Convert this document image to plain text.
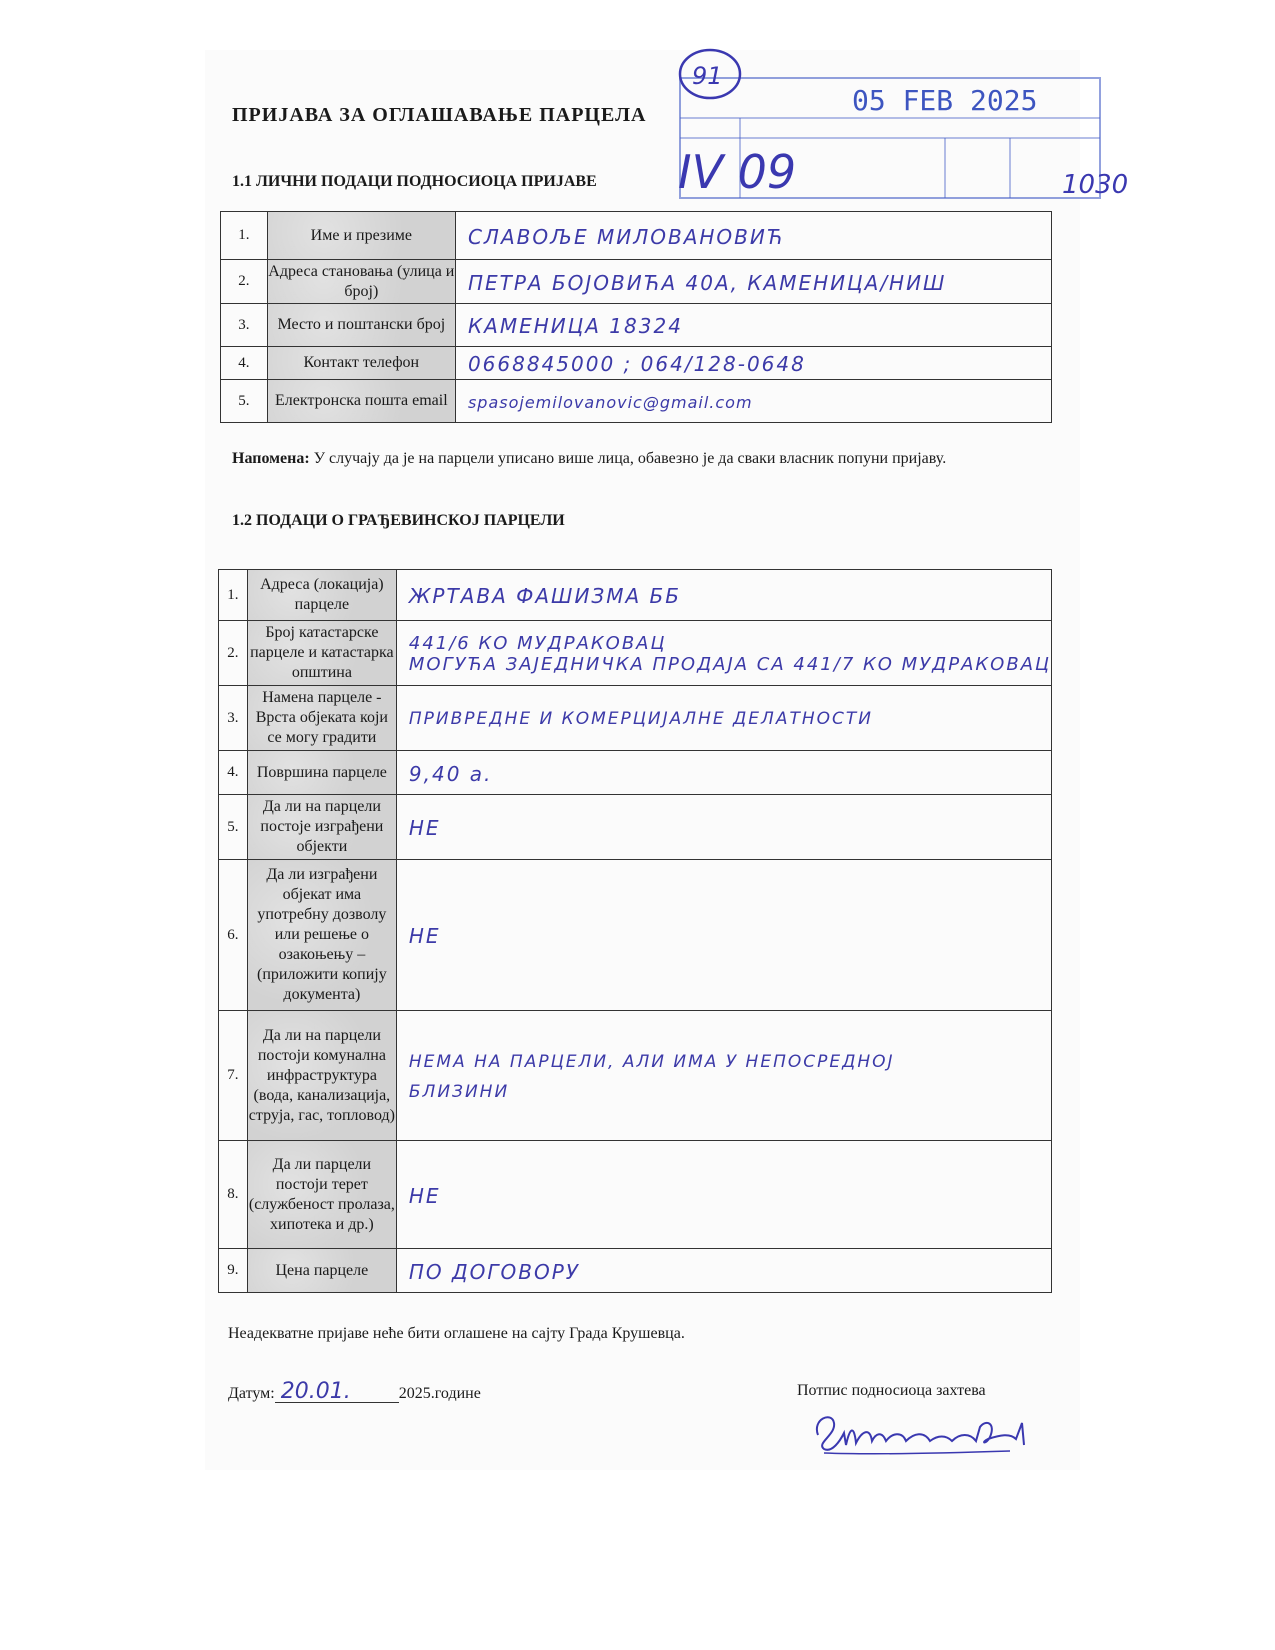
ПРИЈАВА ЗА ОГЛАШАВАЊЕ ПАРЦЕЛА	05 FEB 2025
91
IV 09	1030
1.1 ЛИЧНИ ПОДАЦИ ПОДНОСИОЦА ПРИЈАВЕ
1.	Име и презиме	СЛАВОЉЕ МИЛОВАНОВИЋ
2.	Адреса становања (улица и број)	ПЕТРА БОЈОВИЋА 40А, КАМЕНИЦА/НИШ
3.	Место и поштански број	КАМЕНИЦА 18324
4.	Контакт телефон	0668845000 ; 064/128-0648
5.	Електронска пошта email	spasojemilovanovic@gmail.com
Напомена: У случају да је на парцели уписано више лица, обавезно је да сваки власник попуни пријаву.
1.2 ПОДАЦИ О ГРАЂЕВИНСКОЈ ПАРЦЕЛИ
1.	Адреса (локација) парцеле	ЖРТАВА ФАШИЗМА ББ

2.	Број катастарске парцеле и катастарка општина	441/6 КО МУДРАКОВАЦ
МОГУЋА ЗАЈЕДНИЧКА ПРОДАЈА СА 441/7 КО МУДРАКОВАЦ

3.	Намена парцеле - Врста објеката који се могу градити	ПРИВРЕДНЕ И КОМЕРЦИЈАЛНЕ ДЕЛАТНОСТИ

4.	Површина парцеле	9,40 а.

5.	Да ли на парцели постоје изграђени објекти	НЕ

6.	Да ли изграђени објекат има употребну дозволу или решење о озакоњењу – (приложити копију документа)	НЕ

7.	Да ли на парцели постоји комунална инфраструктура (вода, канализација, струја, гас, топловод)	НЕМА НА ПАРЦЕЛИ, АЛИ ИМА У НЕПОСРЕДНОЈ
БЛИЗИНИ

8.	Да ли парцели постоји терет (службеност пролаза, хипотека и др.)	НЕ

9.	Цена парцеле	ПО ДОГОВОРУ
Неадекватне пријаве неће бити оглашене на сајту Града Крушевца.
Датум: 20.01.	2025.године	Потпис подносиоца захтева
